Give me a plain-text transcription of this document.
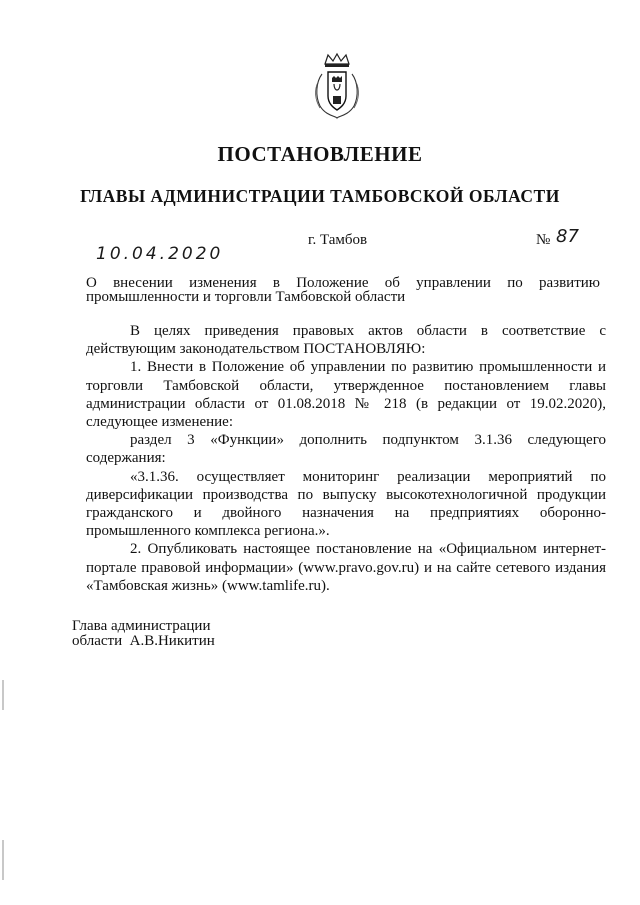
ПОСТАНОВЛЕНИЕ
ГЛАВЫ АДМИНИСТРАЦИИ ТАМБОВСКОЙ ОБЛАСТИ
10.04.2020
г. Тамбов	№ 87
О внесении изменения в Положение об управлении по развитию промышленности и торговли Тамбовской области

В целях приведения правовых актов области в соответствие с действующим законодательством ПОСТАНОВЛЯЮ:

1. Внести в Положение об управлении по развитию промышленности и торговли Тамбовской области, утвержденное постановлением главы администрации области от 01.08.2018 № 218 (в редакции от 19.02.2020), следующее изменение:

раздел 3 «Функции» дополнить подпунктом 3.1.36 следующего содержания:

«3.1.36. осуществляет мониторинг реализации мероприятий по диверсификации производства по выпуску высокотехнологичной продукции гражданского и двойного назначения на предприятиях оборонно-промышленного комплекса региона.».

2. Опубликовать настоящее постановление на «Официальном интернет-портале правовой информации» (www.pravo.gov.ru) и на сайте сетевого издания «Тамбовская жизнь» (www.tamlife.ru).

Глава администрации
области  А.В.Никитин
